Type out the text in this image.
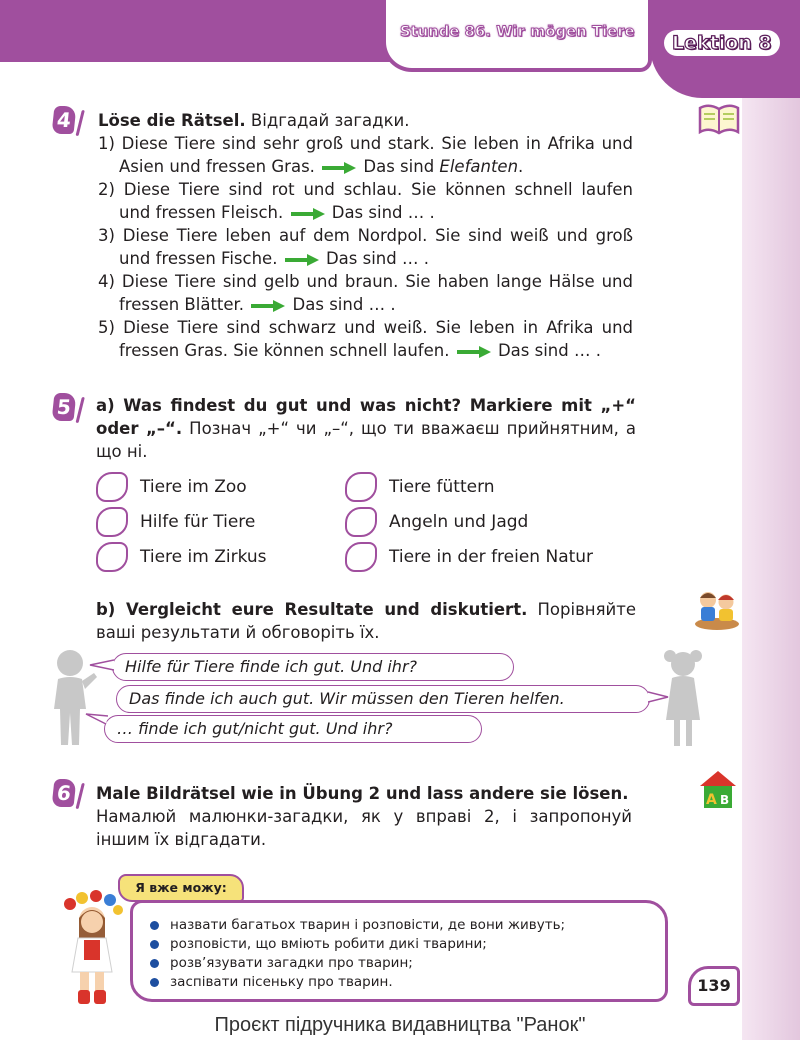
Stunde 86. Wir mögen Tiere	Lektion 8
4 Löse die Rätsel. Відгадай загадки.
1) Diese Tiere sind sehr groß und stark. Sie leben in Afrika und Asien und fressen Gras.	Das sind Elefanten.
2) Diese Tiere sind rot und schlau. Sie können schnell laufen und fressen Fleisch.	Das sind … .
3) Diese Tiere leben auf dem Nordpol. Sie sind weiß und groß und fressen Fische.	Das sind … .
4) Diese Tiere sind gelb und braun. Sie haben lange Hälse und fressen Blätter.	Das sind … .
5) Diese Tiere sind schwarz und weiß. Sie leben in Afrika und fressen Gras. Sie können schnell laufen.	Das sind … .
5 a) Was findest du gut und was nicht? Markiere mit „+“ oder „–“. Познач „+“ чи „–“, що ти вважаєш прийнятним, а що ні.
Tiere im Zoo
Hilfe für Tiere
Tiere im Zirkus
Tiere füttern
Angeln und Jagd
Tiere in der freien Natur
b) Vergleicht eure Resultate und diskutiert. Порівняйте ваші результати й обговоріть їх.
Hilfe für Tiere finde ich gut. Und ihr?
Das finde ich auch gut. Wir müssen den Tieren helfen.
… finde ich gut/nicht gut. Und ihr?
6	A B
Male Bildrätsel wie in Übung 2 und lass andere sie lösen.
Намалюй малюнки-загадки, як у вправі 2, і запропонуй іншим їх відгадати.
Я вже можу:
назвати багатьох тварин і розповісти, де вони живуть;
розповісти, що вміють робити дикі тварини;
розв’язувати загадки про тварин;
заспівати пісеньку про тварин.	139
Проєкт підручника видавництва "Ранок"
